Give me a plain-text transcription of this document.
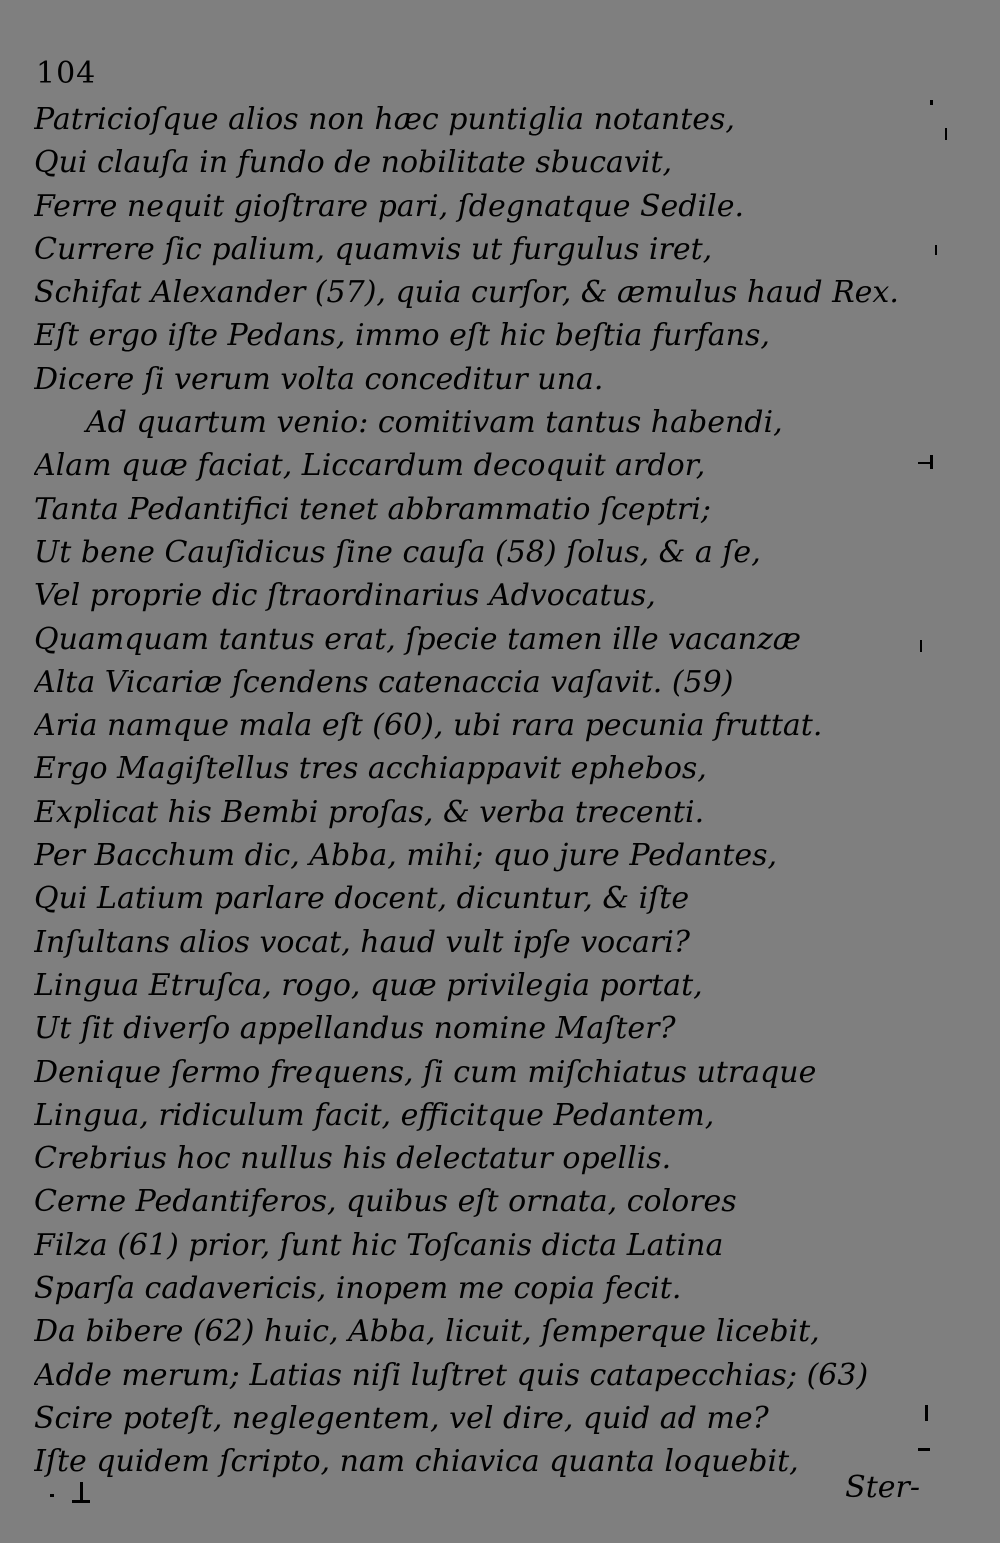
104
Patricioſque alios non hæc puntiglia notantes,
Qui clauſa in fundo de nobilitate sbucavit,
Ferre nequit gioſtrare pari, ſdegnatque Sedile.
Currere ſic palium, quamvis ut furgulus iret,
Schifat Alexander (57), quia curſor, & æmulus haud Rex.
Eſt ergo iſte Pedans, immo eſt hic beſtia furfans,
Dicere ſi verum volta conceditur una.
Ad quartum venio: comitivam tantus habendi,
Alam quæ faciat, Liccardum decoquit ardor,
Tanta Pedantifici tenet abbrammatio ſceptri;
Ut bene Cauſidicus ſine cauſa (58) ſolus, & a ſe,
Vel proprie dic ſtraordinarius Advocatus,
Quamquam tantus erat, ſpecie tamen ille vacanzæ
Alta Vicariæ ſcendens catenaccia vaſavit. (59)
Aria namque mala eſt (60), ubi rara pecunia fruttat.
Ergo Magiſtellus tres acchiappavit ephebos,
Explicat his Bembi proſas, & verba trecenti.
Per Bacchum dic, Abba, mihi; quo jure Pedantes,
Qui Latium parlare docent, dicuntur, & iſte
Inſultans alios vocat, haud vult ipſe vocari?
Lingua Etruſca, rogo, quæ privilegia portat,
Ut ſit diverſo appellandus nomine Maſter?
Denique ſermo frequens, ſi cum miſchiatus utraque
Lingua, ridiculum facit, efficitque Pedantem,
Crebrius hoc nullus his delectatur opellis.
Cerne Pedantiferos, quibus eſt ornata, colores
Filza (61) prior, ſunt hic Toſcanis dicta Latina
Sparſa cadavericis, inopem me copia fecit.
Da bibere (62) huic, Abba, licuit, ſemperque licebit,
Adde merum; Latias niſi luſtret quis catapecchias; (63)
Scire poteſt, neglegentem, vel dire, quid ad me?
Iſte quidem ſcripto, nam chiavica quanta loquebit,
Ster-
